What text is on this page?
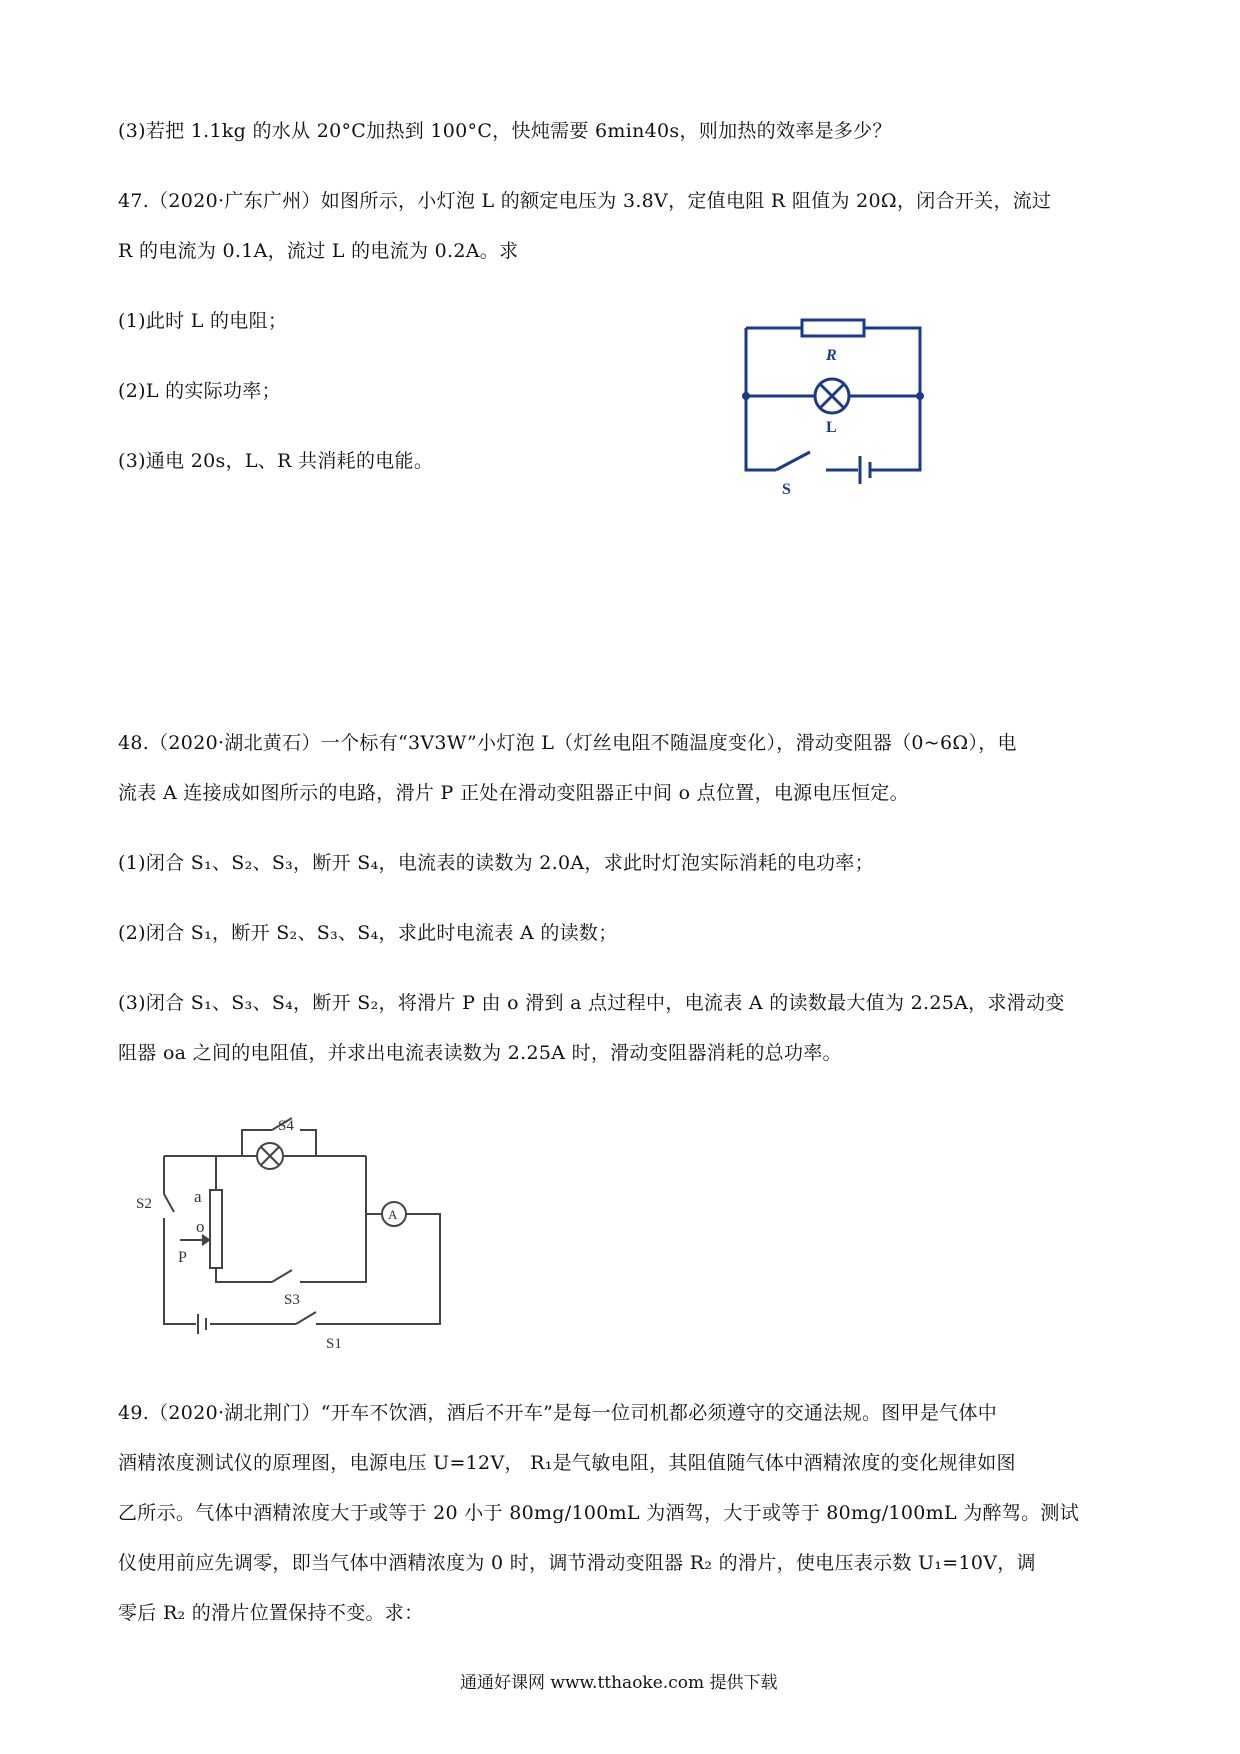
(3)若把 1.1kg 的水从 20°C加热到 100°C，快炖需要 6min40s，则加热的效率是多少？
47.（2020·广东广州）如图所示，小灯泡 L 的额定电压为 3.8V，定值电阻 R 阻值为 20Ω，闭合开关，流过
R 的电流为 0.1A，流过 L 的电流为 0.2A。求
(1)此时 L 的电阻；
(2)L 的实际功率；
(3)通电 20s，L、R 共消耗的电能。
48.（2020·湖北黄石）一个标有“3V3W”小灯泡 L（灯丝电阻不随温度变化），滑动变阻器（0~6Ω），电
流表 A 连接成如图所示的电路，滑片 P 正处在滑动变阻器正中间 o 点位置，电源电压恒定。
(1)闭合 S₁、S₂、S₃，断开 S₄，电流表的读数为 2.0A，求此时灯泡实际消耗的电功率；
(2)闭合 S₁，断开 S₂、S₃、S₄，求此时电流表 A 的读数；
(3)闭合 S₁、S₃、S₄，断开 S₂，将滑片 P 由 o 滑到 a 点过程中，电流表 A 的读数最大值为 2.25A，求滑动变
阻器 oa 之间的电阻值，并求出电流表读数为 2.25A 时，滑动变阻器消耗的总功率。
49.（2020·湖北荆门）“开车不饮酒，酒后不开车”是每一位司机都必须遵守的交通法规。图甲是气体中
酒精浓度测试仪的原理图，电源电压 U=12V， R₁是气敏电阻，其阻值随气体中酒精浓度的变化规律如图
乙所示。气体中酒精浓度大于或等于 20 小于 80mg/100mL 为酒驾，大于或等于 80mg/100mL 为醉驾。测试
仪使用前应先调零，即当气体中酒精浓度为 0 时，调节滑动变阻器 R₂ 的滑片，使电压表示数 U₁=10V，调
零后 R₂ 的滑片位置保持不变。求：
R
L
S
S4
S2 a
o
P
A
S3
S1
通通好课网 www.tthaoke.com 提供下载
